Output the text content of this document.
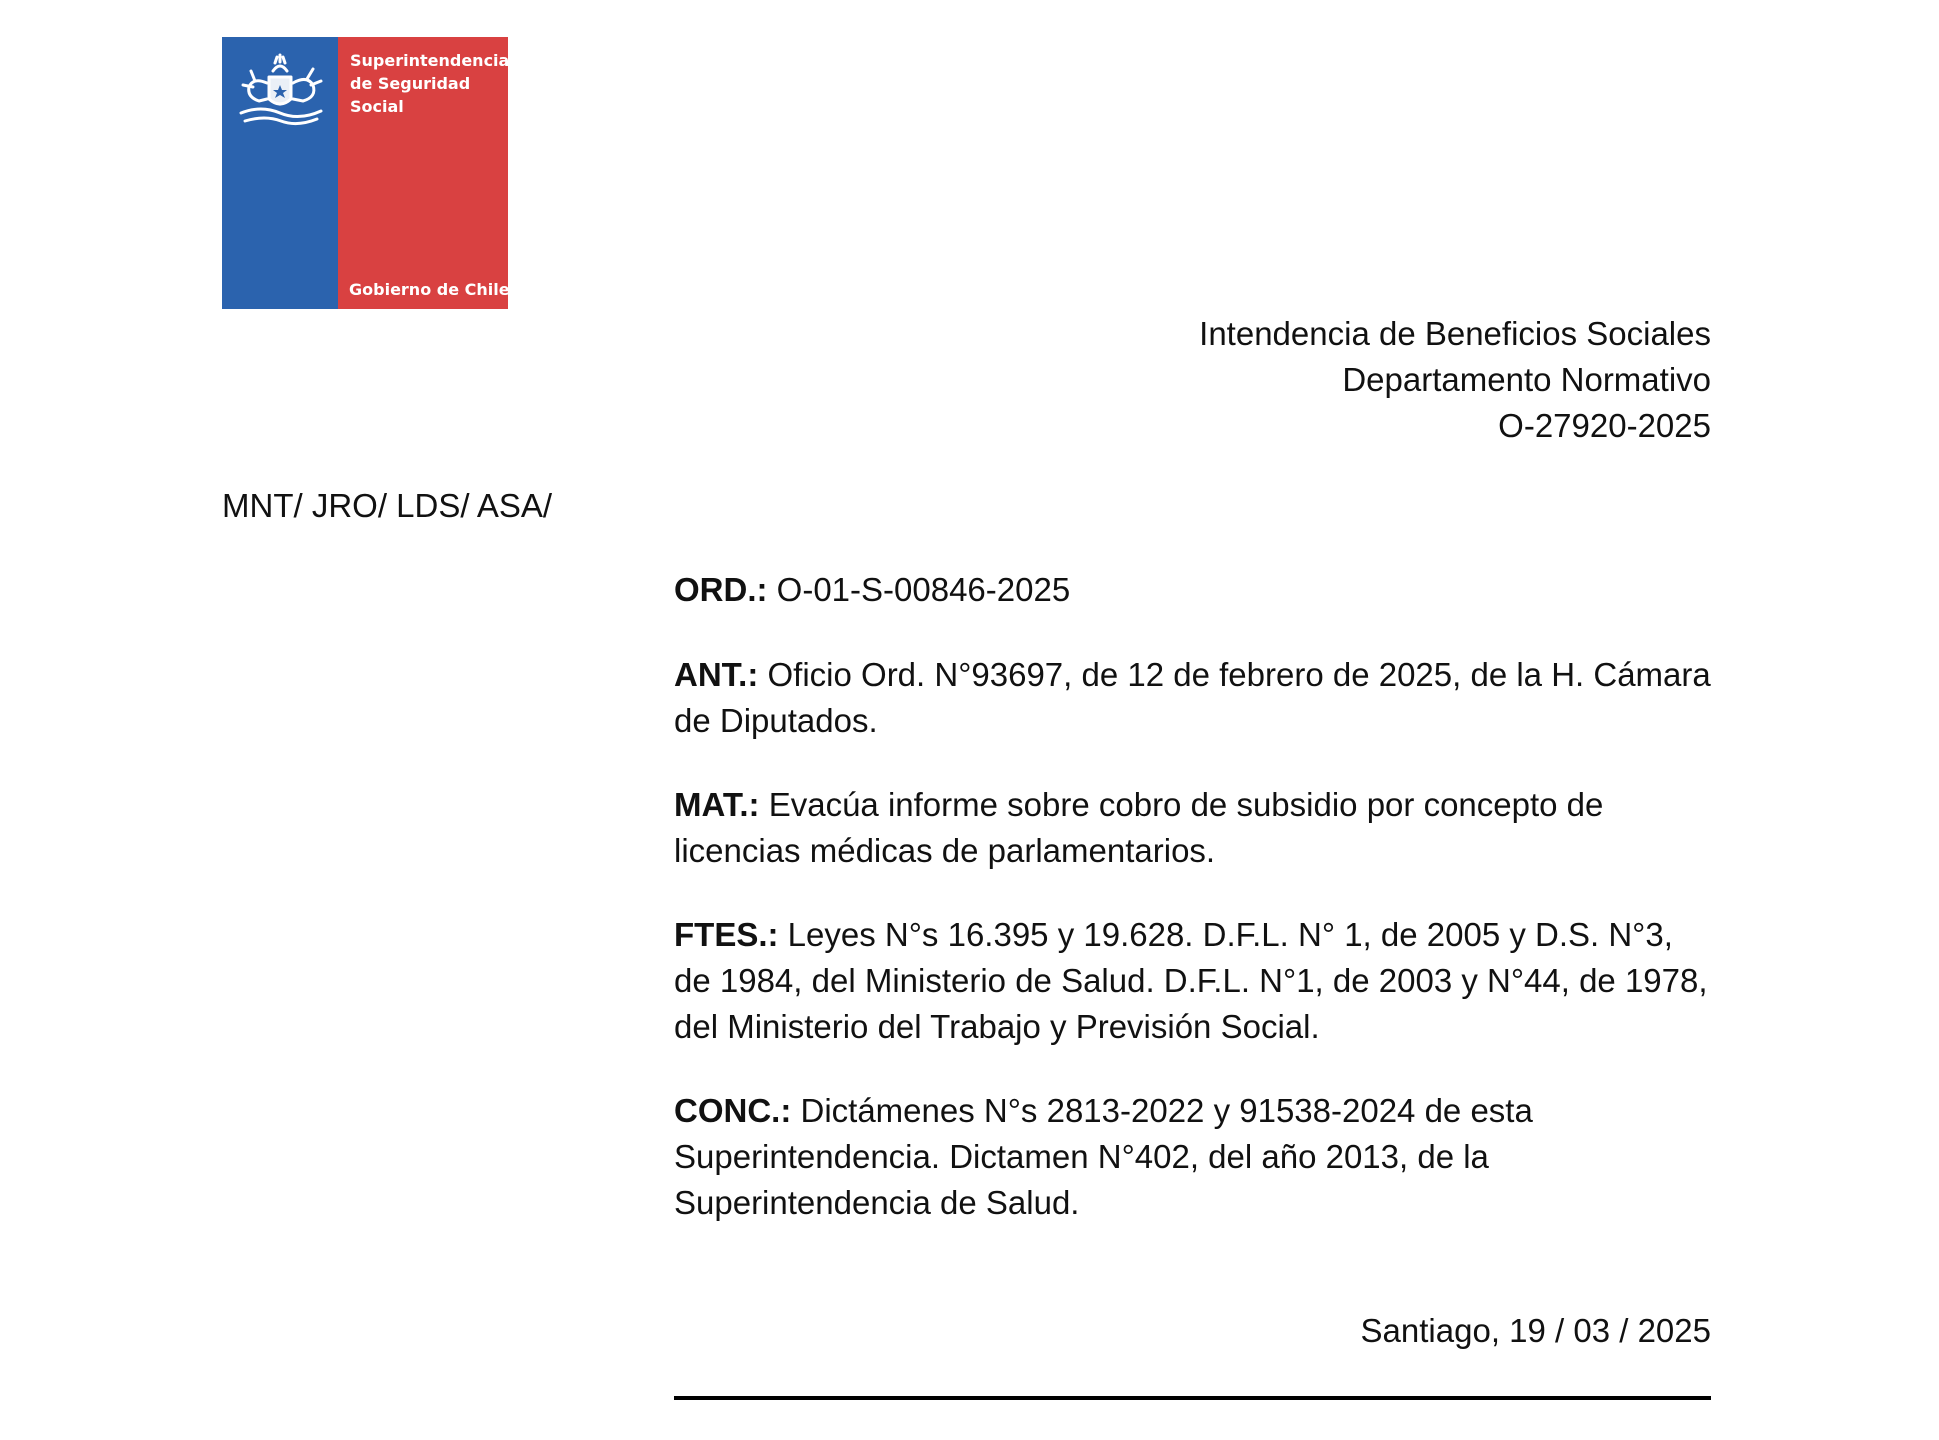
Superintendencia
de Seguridad
Social
Gobierno de Chile
Intendencia de Beneficios Sociales
Departamento Normativo
O-27920-2025
MNT/ JRO/ LDS/ ASA/
ORD.: O-01-S-00846-2025
ANT.: Oficio Ord. N°93697, de 12 de febrero de 2025, de la H. Cámara de Diputados.
MAT.: Evacúa informe sobre cobro de subsidio por concepto de licencias médicas de parlamentarios.
FTES.: Leyes N°s 16.395 y 19.628. D.F.L. N° 1, de 2005 y D.S. N°3, de 1984, del Ministerio de Salud. D.F.L. N°1, de 2003 y N°44, de 1978, del Ministerio del Trabajo y Previsión Social.
CONC.: Dictámenes N°s 2813-2022 y 91538-2024 de esta Superintendencia. Dictamen N°402, del año 2013, de la Superintendencia de Salud.
Santiago, 19 / 03 / 2025
